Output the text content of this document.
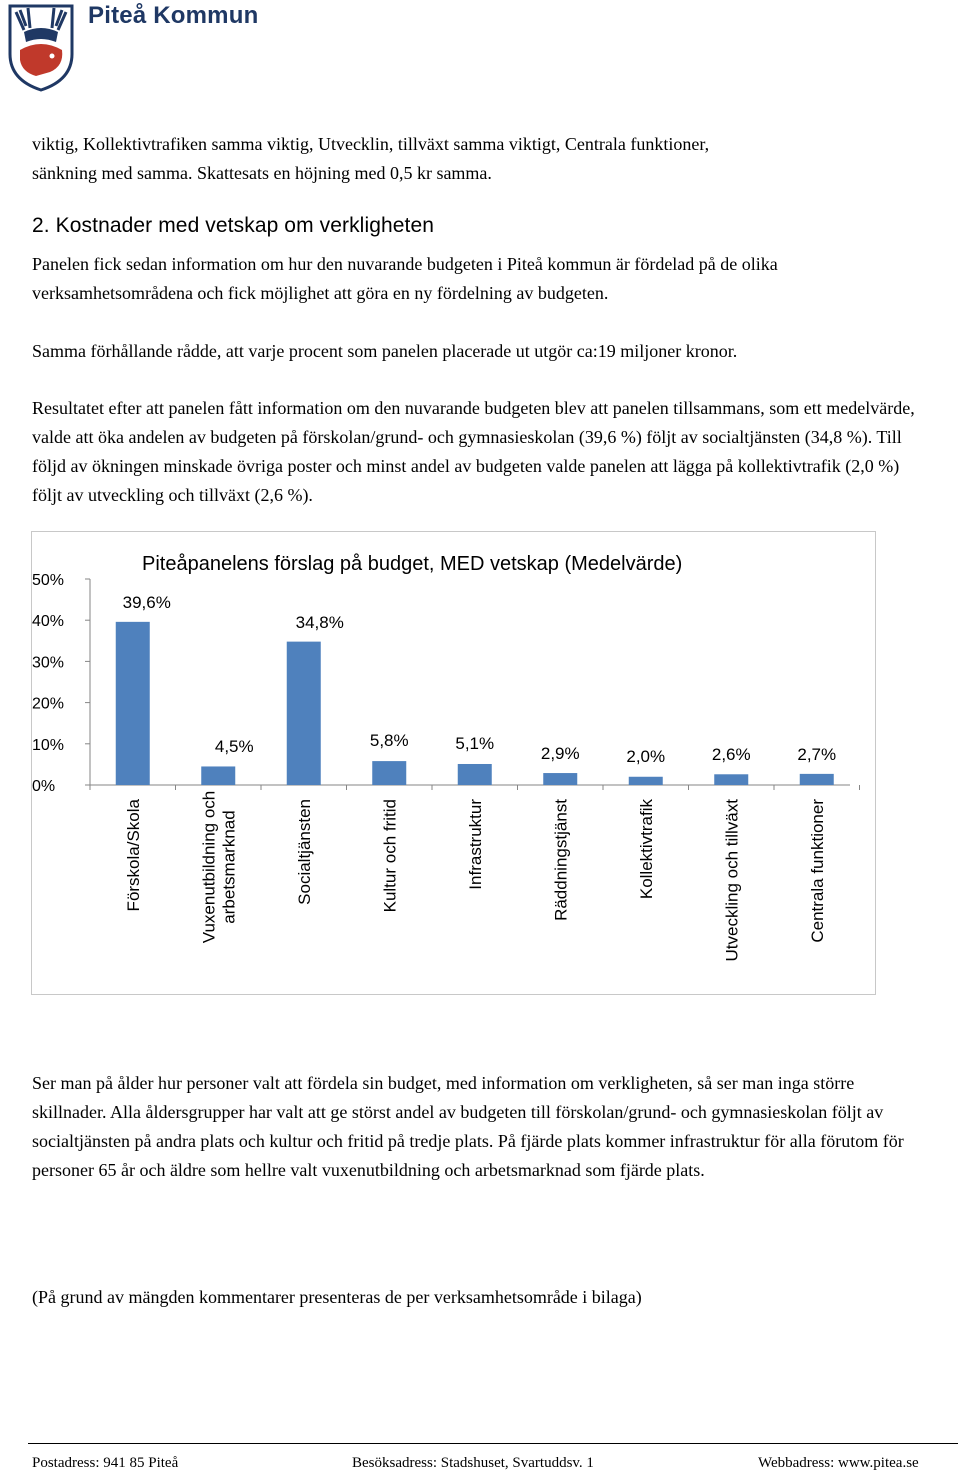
Piteå Kommun

viktig, Kollektivtrafiken samma viktig, Utvecklin, tillväxt samma viktigt, Centrala funktioner,

sänkning med samma. Skattesats en höjning med 0,5 kr samma.

2. Kostnader med vetskap om verkligheten

Panelen fick sedan information om hur den nuvarande budgeten i Piteå kommun är fördelad på de olika verksamhetsområdena och fick möjlighet att göra en ny fördelning av budgeten.

Samma förhållande rådde, att varje procent som panelen placerade ut utgör ca:19 miljoner kronor.

Resultatet efter att panelen fått information om den nuvarande budgeten blev att panelen tillsammans, som ett medelvärde, valde att öka andelen av budgeten på förskolan/grund- och gymnasieskolan (39,6 %) följt av socialtjänsten (34,8 %). Till följd av ökningen minskade övriga poster och minst andel av budgeten valde panelen att lägga på kollektivtrafik (2,0 %) följt av utveckling och tillväxt (2,6 %).

Piteåpanelens förslag på budget, MED vetskap (Medelvärde)
0%
10%
20%
30%
40%
50%
39,6%
Förskola/Skola
4,5%
Vuxenutbildning och arbetsmarknad
34,8%
Socialtjänsten
5,8%
Kultur och fritid
5,1%
Infrastruktur
2,9%
Räddningstjänst
2,0%
Kollektivtrafik
2,6%
Utveckling och tillväxt
2,7%
Centrala funktioner

Ser man på ålder hur personer valt att fördela sin budget, med information om verkligheten, så ser man inga större skillnader. Alla åldersgrupper har valt att ge störst andel av budgeten till förskolan/grund- och gymnasieskolan följt av socialtjänsten på andra plats och kultur och fritid på tredje plats. På fjärde plats kommer infrastruktur för alla förutom för personer 65 år och äldre som hellre valt vuxenutbildning och arbetsmarknad som fjärde plats.

(På grund av mängden kommentarer presenteras de per verksamhetsområde i bilaga)

Postadress: 941 85 Piteå	Besöksadress: Stadshuset, Svartuddsv. 1	Webbadress: www.pitea.se
